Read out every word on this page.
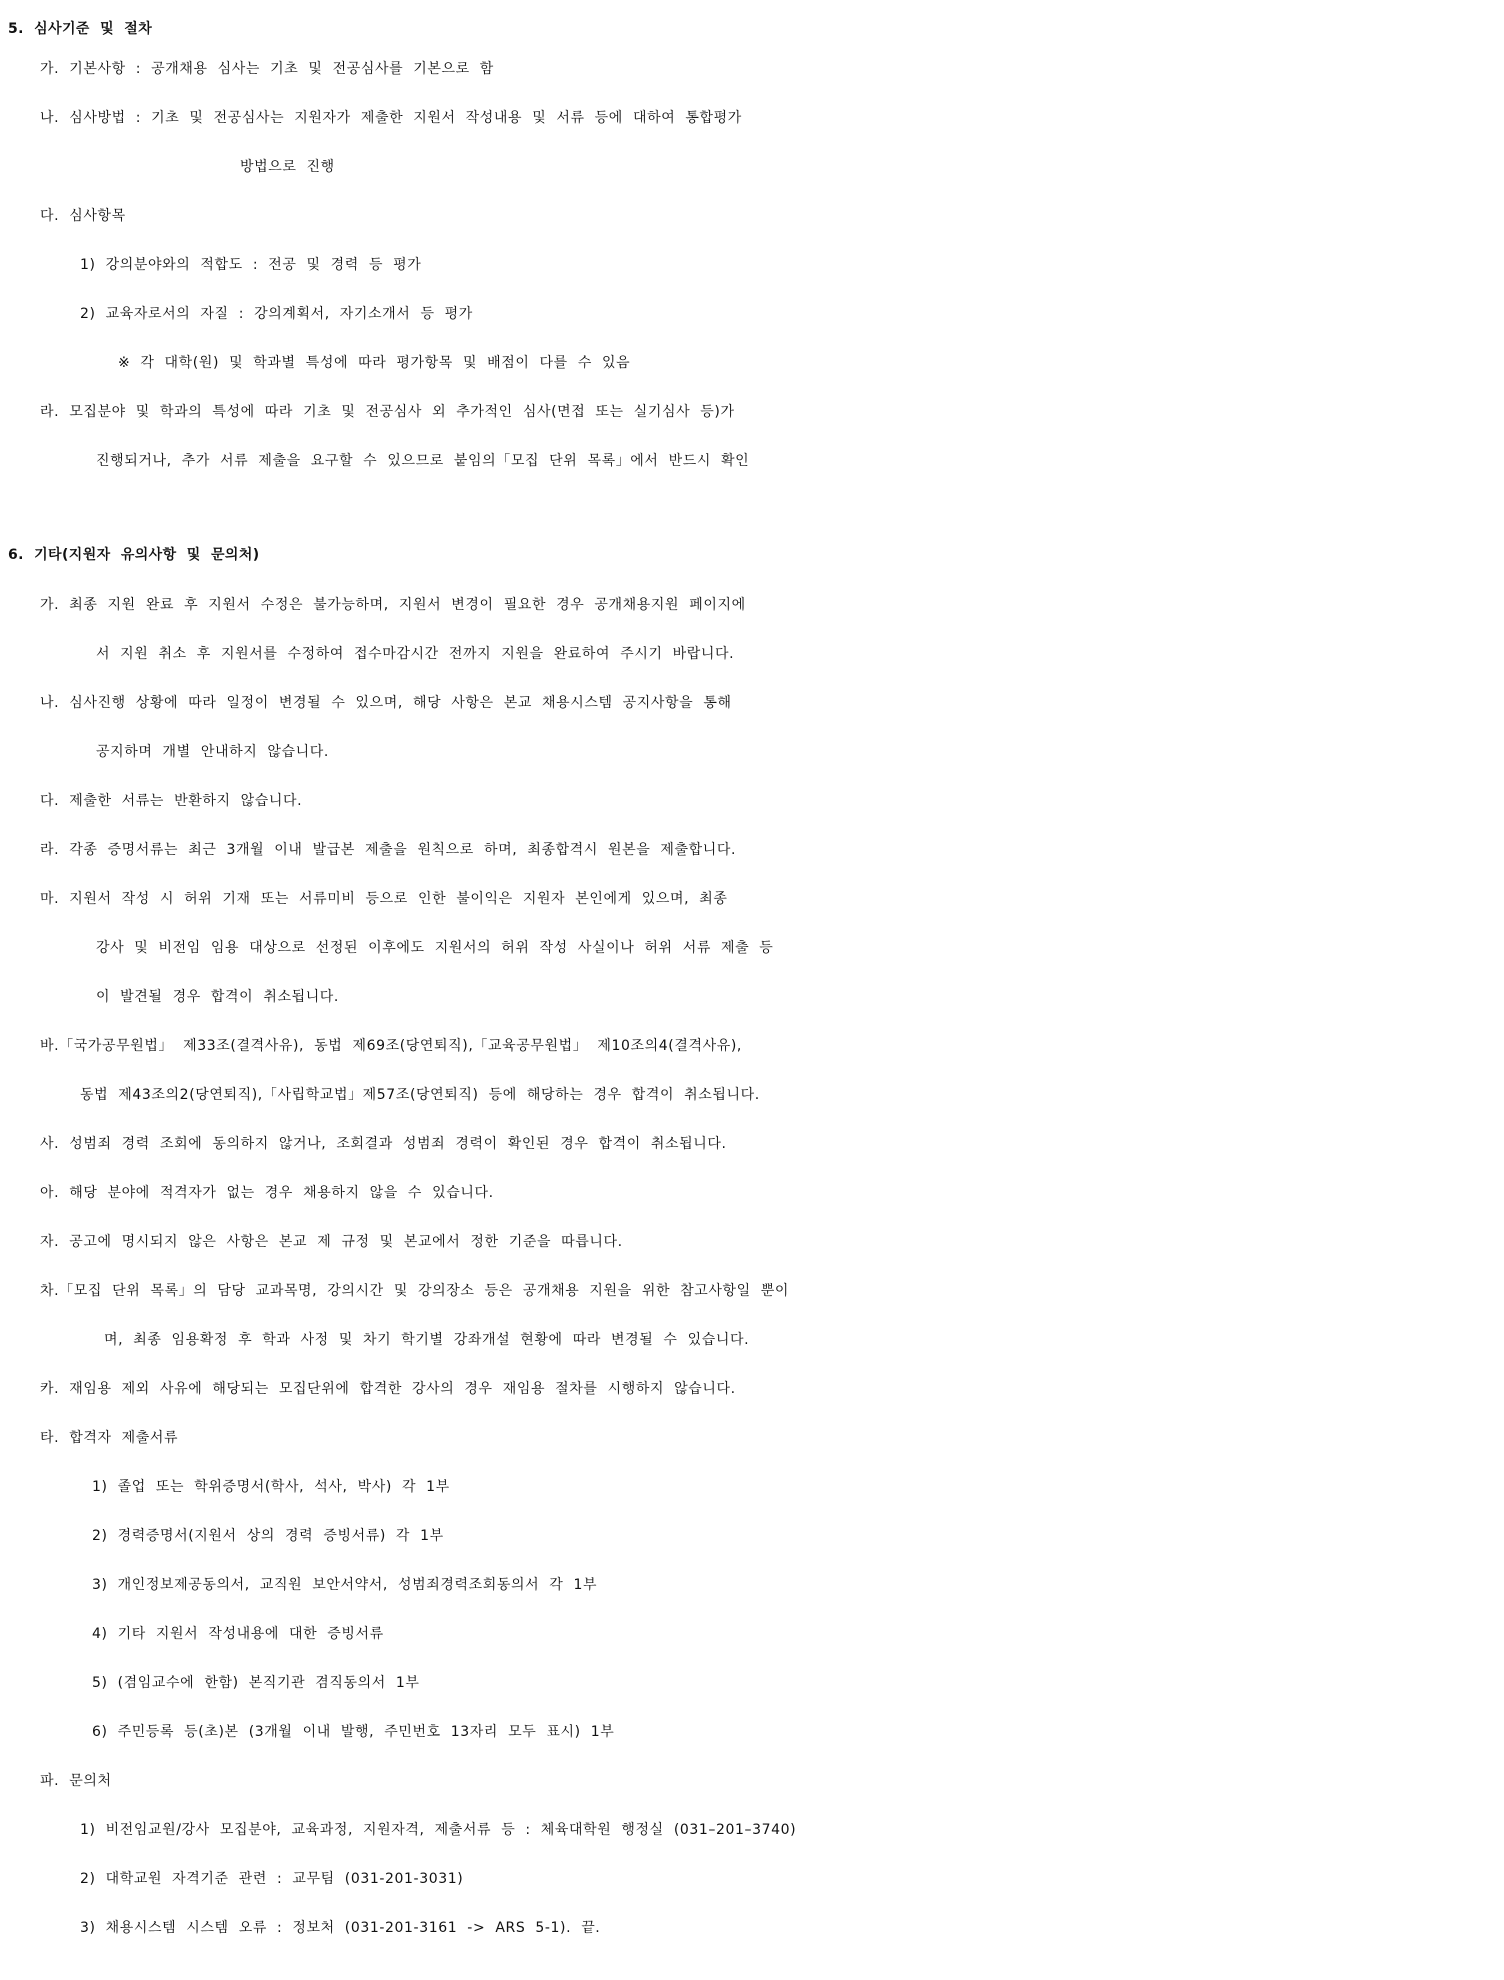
5. 심사기준 및 절차
가. 기본사항 : 공개채용 심사는 기초 및 전공심사를 기본으로 함
나. 심사방법 : 기초 및 전공심사는 지원자가 제출한 지원서 작성내용 및 서류 등에 대하여 통합평가
방법으로 진행
다. 심사항목
1) 강의분야와의 적합도 : 전공 및 경력 등 평가
2) 교육자로서의 자질 : 강의계획서, 자기소개서 등 평가
※ 각 대학(원) 및 학과별 특성에 따라 평가항목 및 배점이 다를 수 있음
라. 모집분야 및 학과의 특성에 따라 기초 및 전공심사 외 추가적인 심사(면접 또는 실기심사 등)가
진행되거나, 추가 서류 제출을 요구할 수 있으므로 붙임의「모집 단위 목록」에서 반드시 확인
6. 기타(지원자 유의사항 및 문의처)
가. 최종 지원 완료 후 지원서 수정은 불가능하며, 지원서 변경이 필요한 경우 공개채용지원 페이지에
서 지원 취소 후 지원서를 수정하여 접수마감시간 전까지 지원을 완료하여 주시기 바랍니다.
나. 심사진행 상황에 따라 일정이 변경될 수 있으며, 해당 사항은 본교 채용시스템 공지사항을 통해
공지하며 개별 안내하지 않습니다.
다. 제출한 서류는 반환하지 않습니다.
라. 각종 증명서류는 최근 3개월 이내 발급본 제출을 원칙으로 하며, 최종합격시 원본을 제출합니다.
마. 지원서 작성 시 허위 기재 또는 서류미비 등으로 인한 불이익은 지원자 본인에게 있으며, 최종
강사 및 비전임 임용 대상으로 선정된 이후에도 지원서의 허위 작성 사실이나 허위 서류 제출 등
이 발견될 경우 합격이 취소됩니다.
바.「국가공무원법」 제33조(결격사유), 동법 제69조(당연퇴직),「교육공무원법」 제10조의4(결격사유),
동법 제43조의2(당연퇴직),「사립학교법」제57조(당연퇴직) 등에 해당하는 경우 합격이 취소됩니다.
사. 성범죄 경력 조회에 동의하지 않거나, 조회결과 성범죄 경력이 확인된 경우 합격이 취소됩니다.
아. 해당 분야에 적격자가 없는 경우 채용하지 않을 수 있습니다.
자. 공고에 명시되지 않은 사항은 본교 제 규정 및 본교에서 정한 기준을 따릅니다.
차.「모집 단위 목록」의 담당 교과목명, 강의시간 및 강의장소 등은 공개채용 지원을 위한 참고사항일 뿐이
며, 최종 임용확정 후 학과 사정 및 차기 학기별 강좌개설 현황에 따라 변경될 수 있습니다.
카. 재임용 제외 사유에 해당되는 모집단위에 합격한 강사의 경우 재임용 절차를 시행하지 않습니다.
타. 합격자 제출서류
1) 졸업 또는 학위증명서(학사, 석사, 박사) 각 1부
2) 경력증명서(지원서 상의 경력 증빙서류) 각 1부
3) 개인정보제공동의서, 교직원 보안서약서, 성범죄경력조회동의서 각 1부
4) 기타 지원서 작성내용에 대한 증빙서류
5) (겸임교수에 한함) 본직기관 겸직동의서 1부
6) 주민등록 등(초)본 (3개월 이내 발행, 주민번호 13자리 모두 표시) 1부
파. 문의처
1) 비전임교원/강사 모집분야, 교육과정, 지원자격, 제출서류 등 : 체육대학원 행정실 (031–201–3740)
2) 대학교원 자격기준 관련 : 교무팀 (031-201-3031)
3) 채용시스템 시스템 오류 : 정보처 (031-201-3161 -> ARS 5-1). 끝.
